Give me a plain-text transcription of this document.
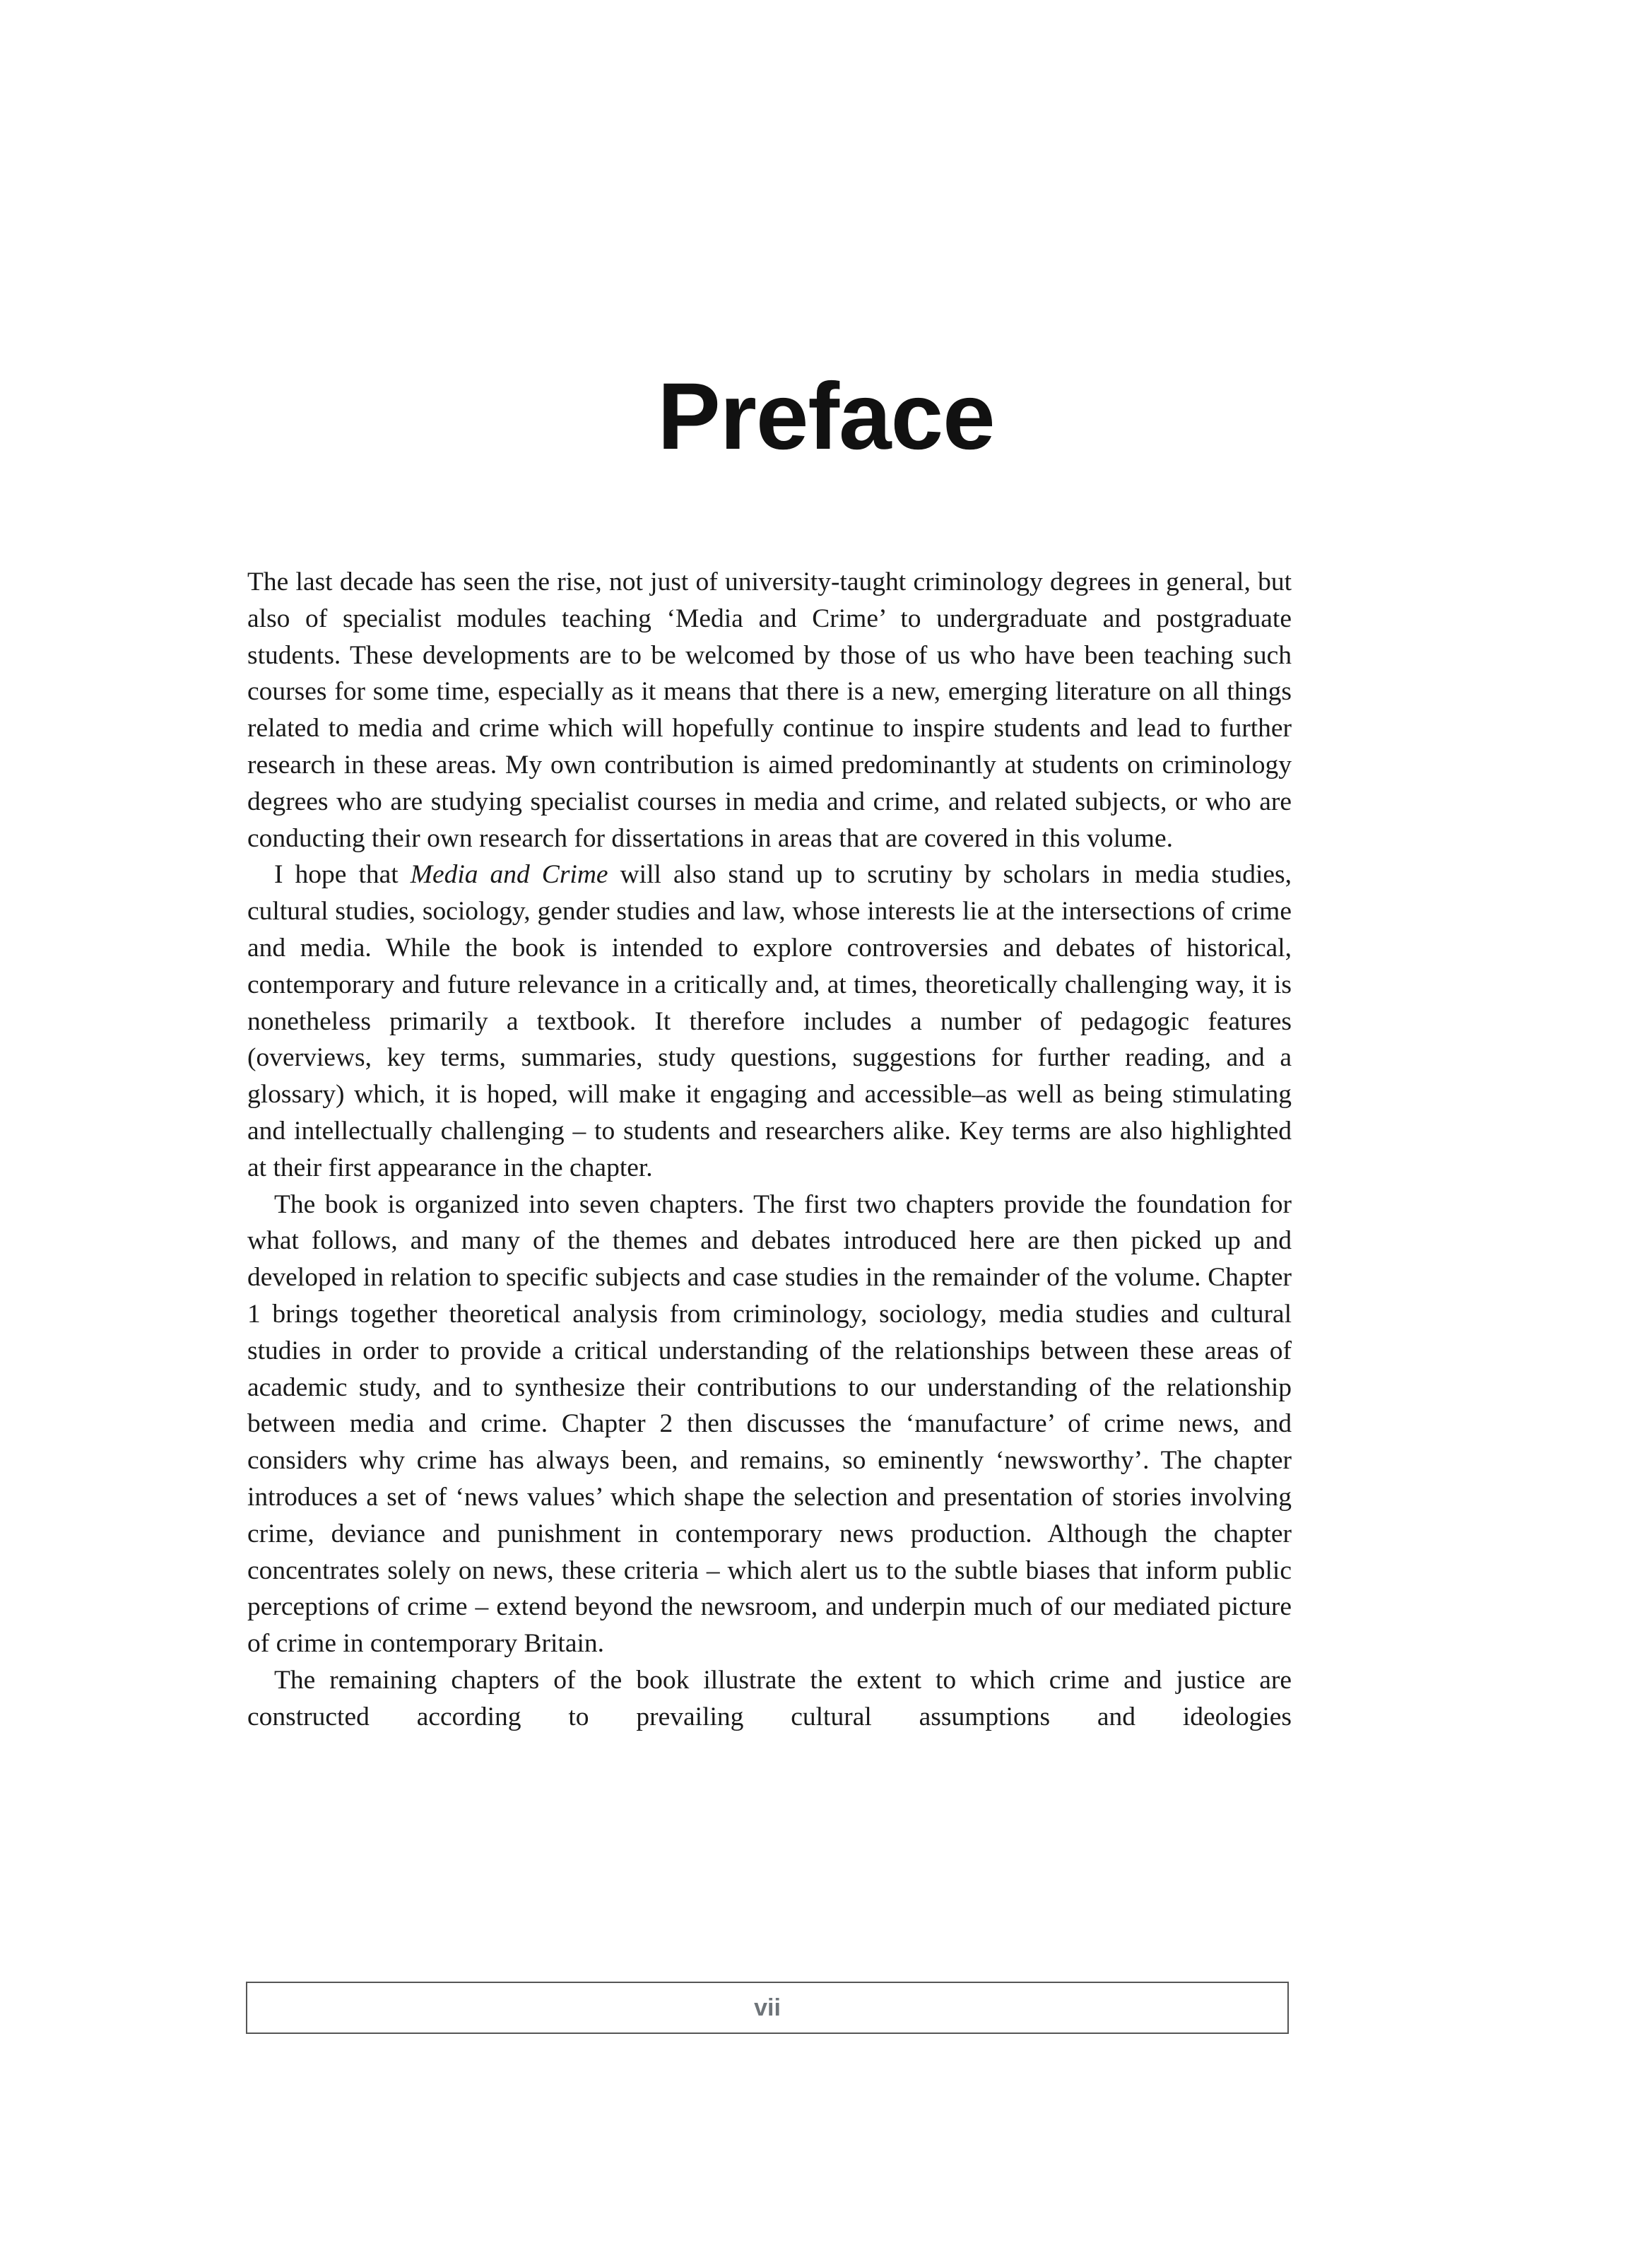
Preface

The last decade has seen the rise, not just of university-taught criminology degrees in general, but also of specialist modules teaching ‘Media and Crime’ to undergraduate and postgraduate students. These developments are to be welcomed by those of us who have been teaching such courses for some time, especially as it means that there is a new, emerging literature on all things related to media and crime which will hopefully continue to inspire students and lead to further research in these areas. My own contribution is aimed predominantly at students on criminology degrees who are studying specialist courses in media and crime, and related subjects, or who are conducting their own research for dissertations in areas that are covered in this volume.

I hope that Media and Crime will also stand up to scrutiny by scholars in media studies, cultural studies, sociology, gender studies and law, whose interests lie at the intersections of crime and media. While the book is intended to explore controversies and debates of historical, contemporary and future relevance in a critically and, at times, theoretically challenging way, it is nonetheless primarily a textbook. It therefore includes a number of pedagogic features (overviews, key terms, summaries, study questions, suggestions for further reading, and a glossary) which, it is hoped, will make it engaging and accessible–as well as being stimulating and intellectually challenging – to students and researchers alike. Key terms are also highlighted at their first appearance in the chapter.

The book is organized into seven chapters. The first two chapters provide the foundation for what follows, and many of the themes and debates introduced here are then picked up and developed in relation to specific subjects and case studies in the remainder of the volume. Chapter 1 brings together theoretical analysis from criminology, sociology, media studies and cultural studies in order to provide a critical understanding of the relationships between these areas of academic study, and to synthesize their contributions to our understanding of the relationship between media and crime. Chapter 2 then discusses the ‘manufacture’ of crime news, and considers why crime has always been, and remains, so eminently ‘newsworthy’. The chapter introduces a set of ‘news values’ which shape the selection and presentation of stories involving crime, deviance and punishment in contemporary news production. Although the chapter concentrates solely on news, these criteria – which alert us to the subtle biases that inform public perceptions of crime – extend beyond the newsroom, and underpin much of our mediated picture of crime in contemporary Britain.

The remaining chapters of the book illustrate the extent to which crime and justice are constructed according to prevailing cultural assumptions and ideologies

vii
